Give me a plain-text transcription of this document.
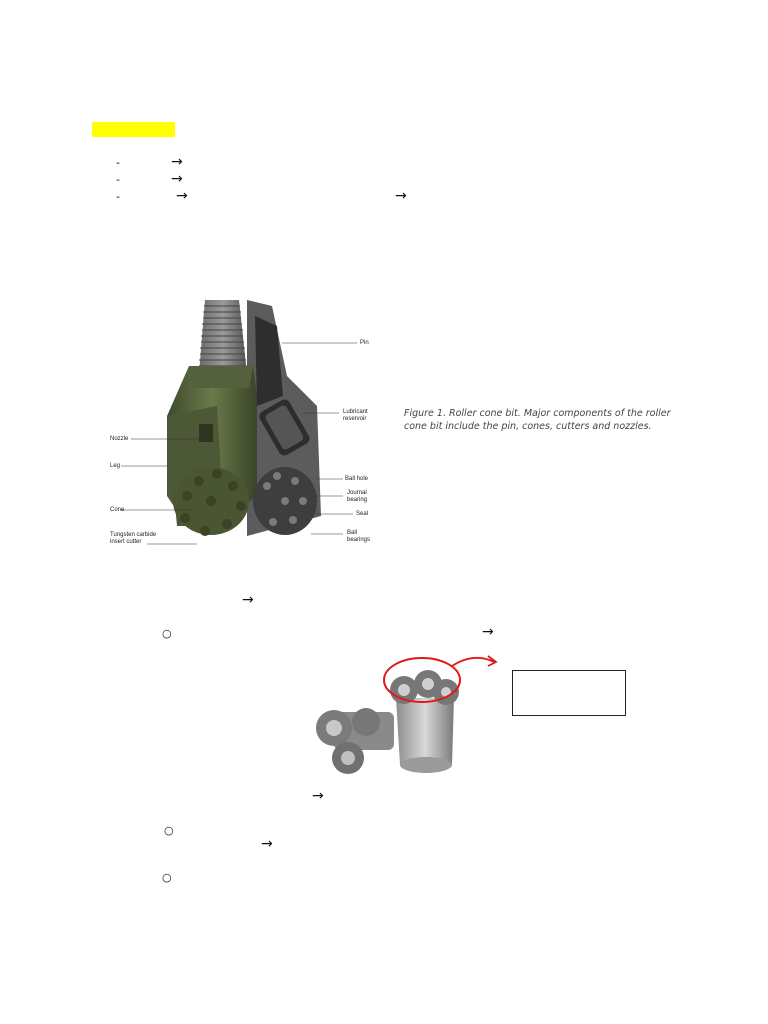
-	→
-	→
-	→	→
Pin
Lubricant reservoir
Nozzle
Leg
Ball hole
Journal bearing
Cone
Seal
Tungsten carbide insert cutter
Ball bearings
Figure 1. Roller cone bit. Major components of the roller cone bit include the pin, cones, cutters and nozzles.
→
○	→
→
○
→
○
